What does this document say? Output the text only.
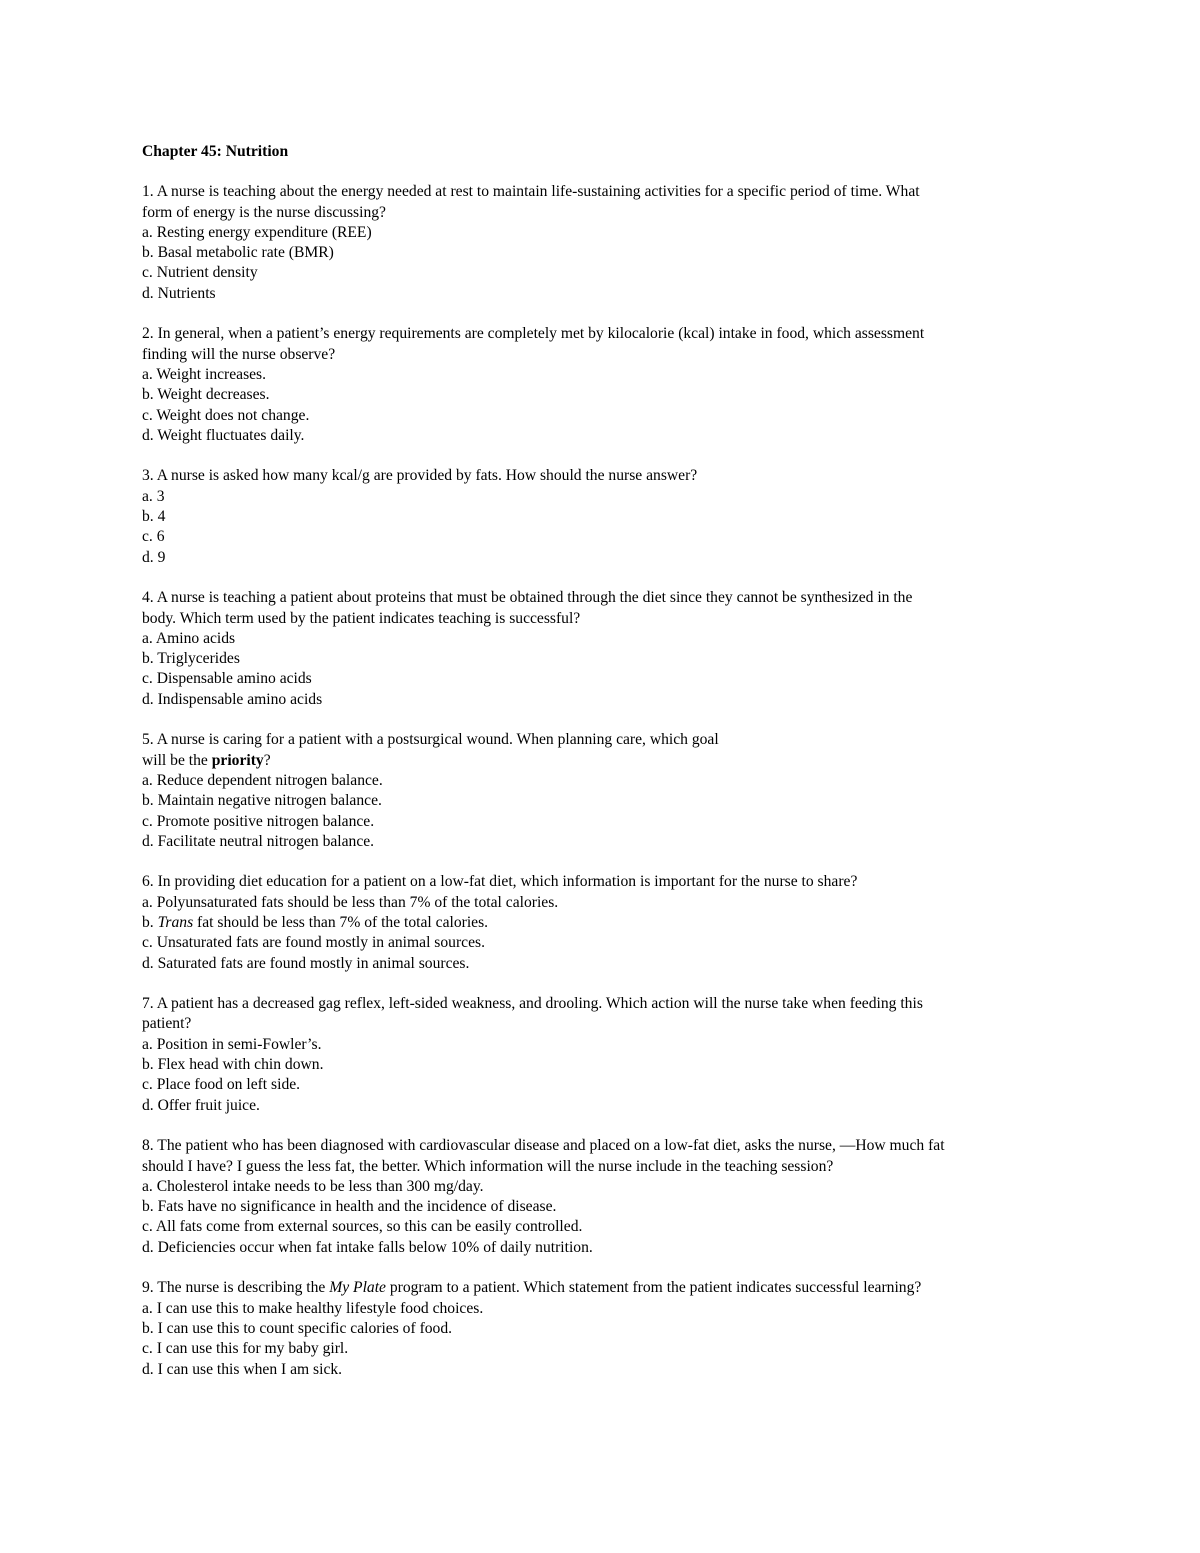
Chapter 45: Nutrition
1. A nurse is teaching about the energy needed at rest to maintain life-sustaining activities for a specific period of time. What
form of energy is the nurse discussing?
a. Resting energy expenditure (REE)
b. Basal metabolic rate (BMR)
c. Nutrient density
d. Nutrients
2. In general, when a patient’s energy requirements are completely met by kilocalorie (kcal) intake in food, which assessment
finding will the nurse observe?
a. Weight increases.
b. Weight decreases.
c. Weight does not change.
d. Weight fluctuates daily.
3. A nurse is asked how many kcal/g are provided by fats. How should the nurse answer?
a. 3
b. 4
c. 6
d. 9
4. A nurse is teaching a patient about proteins that must be obtained through the diet since they cannot be synthesized in the
body. Which term used by the patient indicates teaching is successful?
a. Amino acids
b. Triglycerides
c. Dispensable amino acids
d. Indispensable amino acids
5. A nurse is caring for a patient with a postsurgical wound. When planning care, which goal
will be the priority?
a. Reduce dependent nitrogen balance.
b. Maintain negative nitrogen balance.
c. Promote positive nitrogen balance.
d. Facilitate neutral nitrogen balance.
6. In providing diet education for a patient on a low-fat diet, which information is important for the nurse to share?
a. Polyunsaturated fats should be less than 7% of the total calories.
b. Trans fat should be less than 7% of the total calories.
c. Unsaturated fats are found mostly in animal sources.
d. Saturated fats are found mostly in animal sources.
7. A patient has a decreased gag reflex, left-sided weakness, and drooling. Which action will the nurse take when feeding this
patient?
a. Position in semi-Fowler’s.
b. Flex head with chin down.
c. Place food on left side.
d. Offer fruit juice.
8. The patient who has been diagnosed with cardiovascular disease and placed on a low-fat diet, asks the nurse, ―How much fat
should I have? I guess the less fat, the better. Which information will the nurse include in the teaching session?
a. Cholesterol intake needs to be less than 300 mg/day.
b. Fats have no significance in health and the incidence of disease.
c. All fats come from external sources, so this can be easily controlled.
d. Deficiencies occur when fat intake falls below 10% of daily nutrition.
9. The nurse is describing the My Plate program to a patient. Which statement from the patient indicates successful learning?
a. I can use this to make healthy lifestyle food choices.
b. I can use this to count specific calories of food.
c. I can use this for my baby girl.
d. I can use this when I am sick.
